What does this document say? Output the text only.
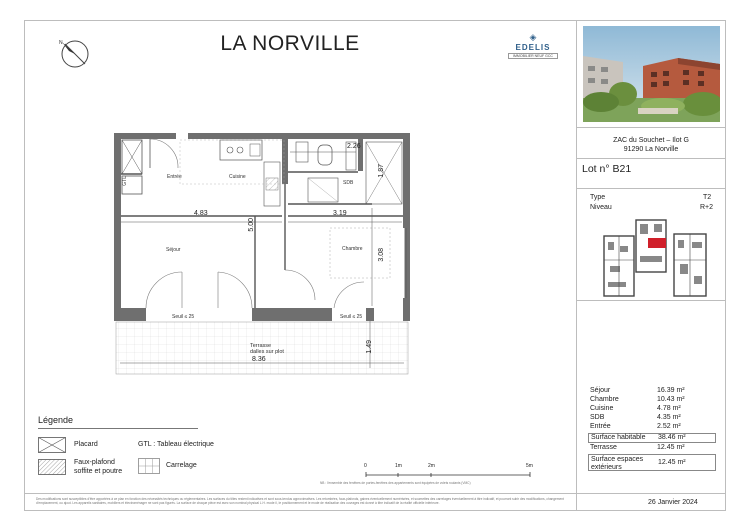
N	LA NORVILLE	◈
EDELIS
IMMOBILIER NEUF GCC
ZAC du Souchet – Ilot G
91290 La Norville
Lot n° B21
Type	T2
Niveau	R+2
Séjour	16.39 m²
Chambre	10.43 m²
Cuisine	4.78 m²
SDB	4.35 m²
Entrée	2.52 m²
Surface habitable 38.46 m²
Terrasse	12.45 m²
Surface espaces extérieurs
12.45 m²
26 Janvier 2024
Entrée	Cuisine
Séjour
SDB
Chambre
GTL
Seuil ≤ 25	Seuil ≤ 25
Terrasse
dalles sur plot
2.26
4.83	3.19
5.00
1.87
3.08
8.36
1.49
0	1m	2m	5m
NB : l'ensemble des fenêtres de portes-fenêtres des appartements sont équipées de volets roulants (VMC)
Légende
Placard	GTL : Tableau électrique
Faux-plafond
soffite et poutre
Carrelage
Des modifications sont susceptibles d'être apportées à ce plan en fonction des nécessités techniques ou réglementaires. Les surfaces du tiltes restent indicatives et sont sous-tendus approximatives. Les retombées, faux-plafonds, gaines éventuellement numérisées, et soumettes des carrelages éventuellement à titre indicatif, et pourront subir des modifications, changement d'emplacement, ou ajout. Les appareils sanitaires, mobiliers et électroménager ne sont pas figurés. La surface de chaque pièce est avec son nominal physical L.H. mode il, le positionnement et le mode de réalisation des ouvrages est donné à titre indicatif de la réalité officielle intérieure.
